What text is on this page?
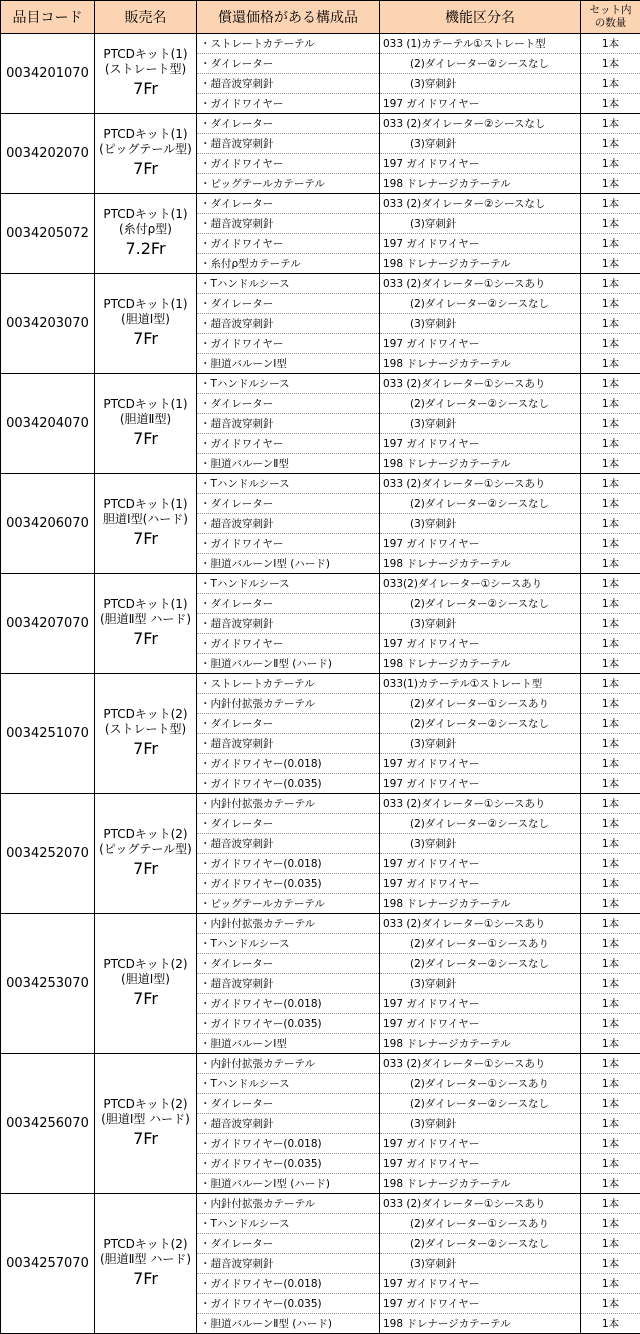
品目コード	販売名	償還価格がある構成品	機能区分名	セット内
の数量
0034201070	PTCDキット(1)
(ストレート型)
7Fr	・ストレートカテーテル	033 (1)カテーテル①ストレート型	1本
		・ダイレーター	(2)ダイレーター②シースなし	1本
		・超音波穿刺針	(3)穿刺針	1本
		・ガイドワイヤー	197 ガイドワイヤー	1本
0034202070	PTCDキット(1)
(ピッグテール型)
7Fr	・ダイレーター	033 (2)ダイレーター②シースなし	1本
		・超音波穿刺針	(3)穿刺針	1本
		・ガイドワイヤー	197 ガイドワイヤー	1本
		・ピッグテールカテーテル	198 ドレナージカテーテル	1本
0034205072	PTCDキット(1)
(糸付ρ型)
7.2Fr	・ダイレーター	033 (2)ダイレーター②シースなし	1本
		・超音波穿刺針	(3)穿刺針	1本
		・ガイドワイヤー	197 ガイドワイヤー	1本
		・糸付ρ型カテーテル	198 ドレナージカテーテル	1本
0034203070	PTCDキット(1)
(胆道Ⅰ型)
7Fr	・Tハンドルシース	033 (2)ダイレーター①シースあり	1本
		・ダイレーター	(2)ダイレーター②シースなし	1本
		・超音波穿刺針	(3)穿刺針	1本
		・ガイドワイヤー	197 ガイドワイヤー	1本
		・胆道バルーンⅠ型	198 ドレナージカテーテル	1本
0034204070	PTCDキット(1)
(胆道Ⅱ型)
7Fr	・Tハンドルシース	033 (2)ダイレーター①シースあり	1本
		・ダイレーター	(2)ダイレーター②シースなし	1本
		・超音波穿刺針	(3)穿刺針	1本
		・ガイドワイヤー	197 ガイドワイヤー	1本
		・胆道バルーンⅡ型	198 ドレナージカテーテル	1本
0034206070	PTCDキット(1)
胆道Ⅰ型(ハード)
7Fr	・Tハンドルシース	033 (2)ダイレーター①シースあり	1本
		・ダイレーター	(2)ダイレーター②シースなし	1本
		・超音波穿刺針	(3)穿刺針	1本
		・ガイドワイヤー	197 ガイドワイヤー	1本
		・胆道バルーンⅠ型 (ハード)	198 ドレナージカテーテル	1本
0034207070	PTCDキット(1)
(胆道Ⅱ型 ハード)
7Fr	・Tハンドルシース	033(2)ダイレーター①シースあり	1本
		・ダイレーター	(2)ダイレーター②シースなし	1本
		・超音波穿刺針	(3)穿刺針	1本
		・ガイドワイヤー	197 ガイドワイヤー	1本
		・胆道バルーンⅡ型 (ハード)	198 ドレナージカテーテル	1本
0034251070	PTCDキット(2)
(ストレート型)
7Fr	・ストレートカテーテル	033(1)カテーテル①ストレート型	1本
		・内針付拡張カテーテル	(2)ダイレーター①シースあり	1本
		・ダイレーター	(2)ダイレーター②シースなし	1本
		・超音波穿刺針	(3)穿刺針	1本
		・ガイドワイヤー(0.018)	197 ガイドワイヤー	1本
		・ガイドワイヤー(0.035)	197 ガイドワイヤー	1本
0034252070	PTCDキット(2)
(ピッグテール型)
7Fr	・内針付拡張カテーテル	033 (2)ダイレーター①シースあり	1本
		・ダイレーター	(2)ダイレーター②シースなし	1本
		・超音波穿刺針	(3)穿刺針	1本
		・ガイドワイヤー(0.018)	197 ガイドワイヤー	1本
		・ガイドワイヤー(0.035)	197 ガイドワイヤー	1本
		・ピッグテールカテーテル	198 ドレナージカテーテル	1本
0034253070	PTCDキット(2)
(胆道Ⅰ型)
7Fr	・内針付拡張カテーテル	033 (2)ダイレーター①シースあり	1本
		・Tハンドルシース	(2)ダイレーター①シースあり	1本
		・ダイレーター	(2)ダイレーター②シースなし	1本
		・超音波穿刺針	(3)穿刺針	1本
		・ガイドワイヤー(0.018)	197 ガイドワイヤー	1本
		・ガイドワイヤー(0.035)	197 ガイドワイヤー	1本
		・胆道バルーンⅠ型	198 ドレナージカテーテル	1本
0034256070	PTCDキット(2)
(胆道Ⅰ型 ハード)
7Fr	・内針付拡張カテーテル	033 (2)ダイレーター①シースあり	1本
		・Tハンドルシース	(2)ダイレーター①シースあり	1本
		・ダイレーター	(2)ダイレーター②シースなし	1本
		・超音波穿刺針	(3)穿刺針	1本
		・ガイドワイヤー(0.018)	197 ガイドワイヤー	1本
		・ガイドワイヤー(0.035)	197 ガイドワイヤー	1本
		・胆道バルーンⅠ型 (ハード)	198 ドレナージカテーテル	1本
0034257070	PTCDキット(2)
(胆道Ⅱ型 ハード)
7Fr	・内針付拡張カテーテル	033 (2)ダイレーター①シースあり	1本
		・Tハンドルシース	(2)ダイレーター①シースあり	1本
		・ダイレーター	(2)ダイレーター②シースなし	1本
		・超音波穿刺針	(3)穿刺針	1本
		・ガイドワイヤー(0.018)	197 ガイドワイヤー	1本
		・ガイドワイヤー(0.035)	197 ガイドワイヤー	1本
		・胆道バルーンⅡ型 (ハード)	198 ドレナージカテーテル	1本
